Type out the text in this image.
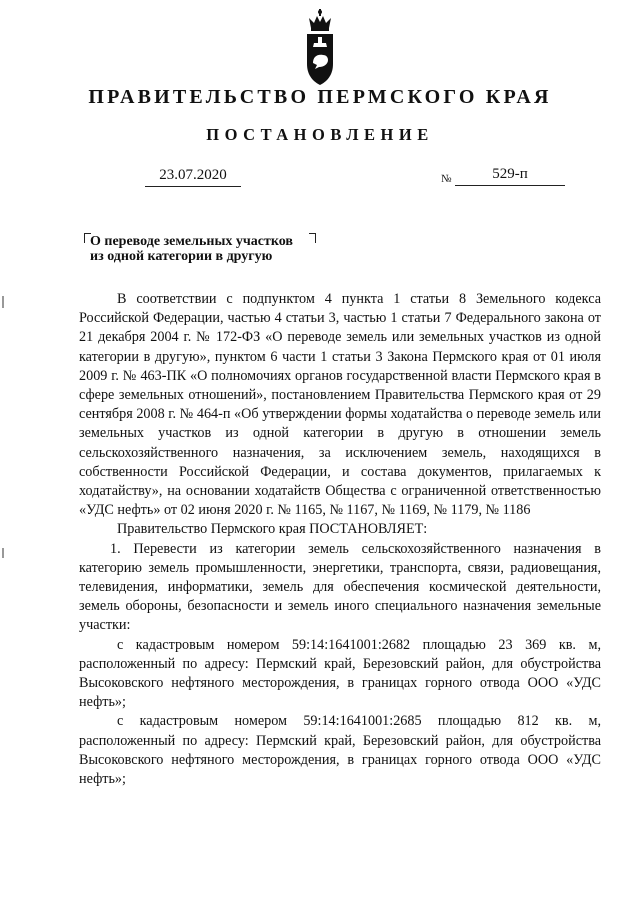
ПРАВИТЕЛЬСТВО ПЕРМСКОГО КРАЯ
ПОСТАНОВЛЕНИЕ
23.07.2020	№	529-п
О переводе земельных участков
из одной категории в другую

В соответствии с подпунктом 4 пункта 1 статьи 8 Земельного кодекса Российской Федерации, частью 4 статьи 3, частью 1 статьи 7 Федерального закона от 21 декабря 2004 г. № 172-ФЗ «О переводе земель или земельных участков из одной категории в другую», пунктом 6 части 1 статьи 3 Закона Пермского края от 01 июля 2009 г. № 463-ПК «О полномочиях органов государственной власти Пермского края в сфере земельных отношений», постановлением Правительства Пермского края от 29 сентября 2008 г. № 464-п «Об утверждении формы ходатайства о переводе земель или земельных участков из одной категории в другую в отношении земель сельскохозяйственного назначения, за исключением земель, находящихся в собственности Российской Федерации, и состава документов, прилагаемых к ходатайству», на основании ходатайств Общества с ограниченной ответственностью «УДС нефть» от 02 июня 2020 г. № 1165, № 1167, № 1169, № 1179, № 1186

Правительство Пермского края ПОСТАНОВЛЯЕТ:

1. Перевести из категории земель сельскохозяйственного назначения в категорию земель промышленности, энергетики, транспорта, связи, радиовещания, телевидения, информатики, земель для обеспечения космической деятельности, земель обороны, безопасности и земель иного специального назначения земельные участки:

с кадастровым номером 59:14:1641001:2682 площадью 23 369 кв. м, расположенный по адресу: Пермский край, Березовский район, для обустройства Высоковского нефтяного месторождения, в границах горного отвода ООО «УДС нефть»;

с кадастровым номером 59:14:1641001:2685 площадью 812 кв. м, расположенный по адресу: Пермский край, Березовский район, для обустройства Высоковского нефтяного месторождения, в границах горного отвода ООО «УДС нефть»;
